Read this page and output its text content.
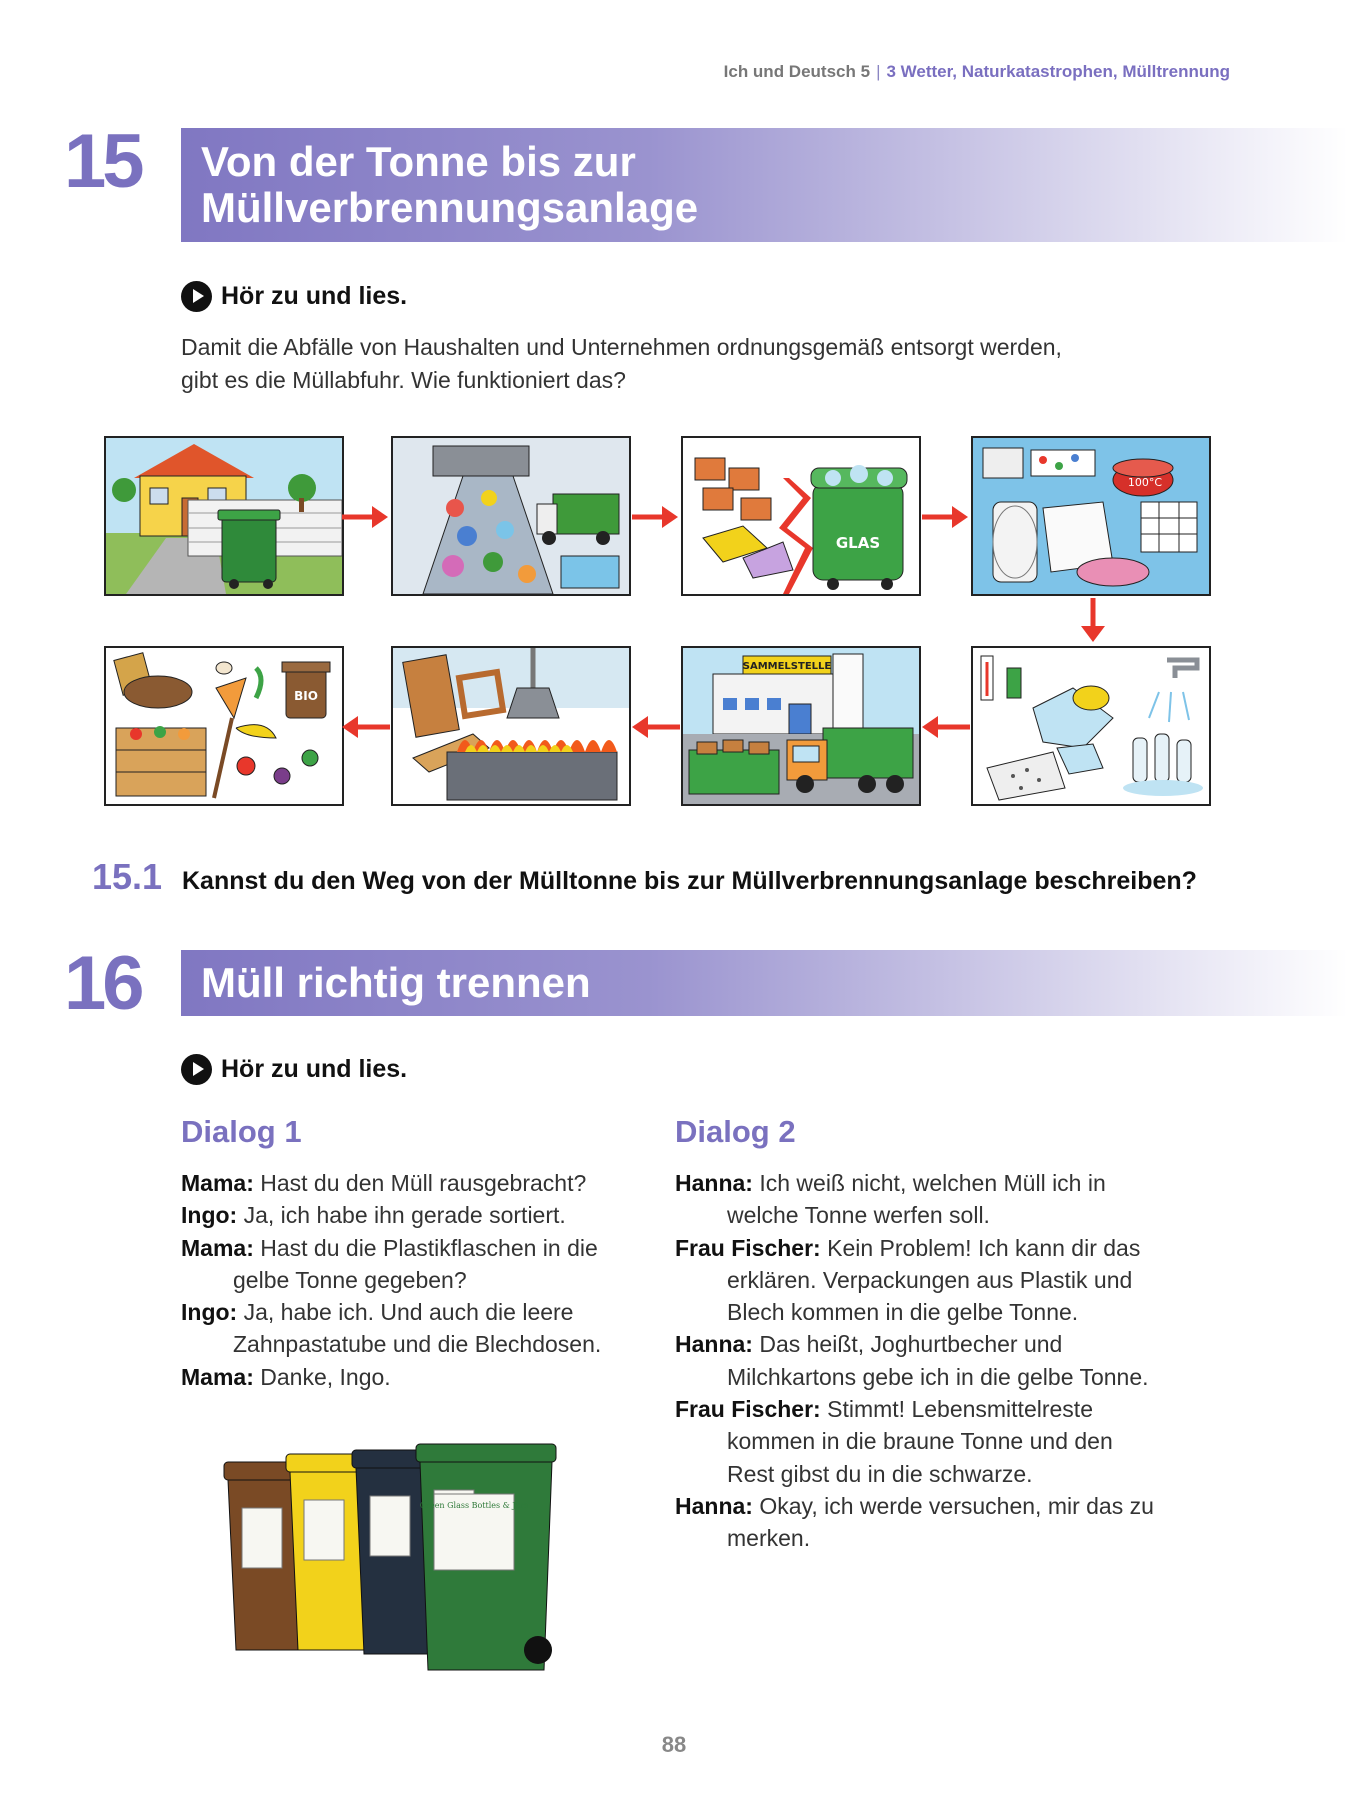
Ich und Deutsch 5 | 3 Wetter, Naturkatastrophen, Mülltrennung
15 Von der Tonne bis zur
Müllverbrennungsanlage
Hör zu und lies.
Damit die Abfälle von Haushalten und Unternehmen ordnungsgemäß entsorgt werden,
gibt es die Müllabfuhr. Wie funktioniert das?
GLAS
100°C
BIO
SAMMELSTELLE
15.1 Kannst du den Weg von der Mülltonne bis zur Müllverbrennungsanlage beschreiben?
16	Müll richtig trennen
Hör zu und lies.
Dialog 1
Mama: Hast du den Müll rausgebracht?
Ingo: Ja, ich habe ihn gerade sortiert.
Mama: Hast du die Plastikflaschen in die gelbe Tonne gegeben?
Ingo: Ja, habe ich. Und auch die leere Zahnpastatube und die Blechdosen.
Mama: Danke, Ingo.
Dialog 2
Hanna: Ich weiß nicht, welchen Müll ich in welche Tonne werfen soll.
Frau Fischer: Kein Problem! Ich kann dir das erklären. Verpackungen aus Plastik und Blech kommen in die gelbe Tonne.
Hanna: Das heißt, Joghurtbecher und Milchkartons gebe ich in die gelbe Tonne.
Frau Fischer: Stimmt! Lebensmittelreste kommen in die braune Tonne und den Rest gibst du in die schwarze.
Hanna: Okay, ich werde versuchen, mir das zu merken.
Green Glass Bottles & Jars
88
